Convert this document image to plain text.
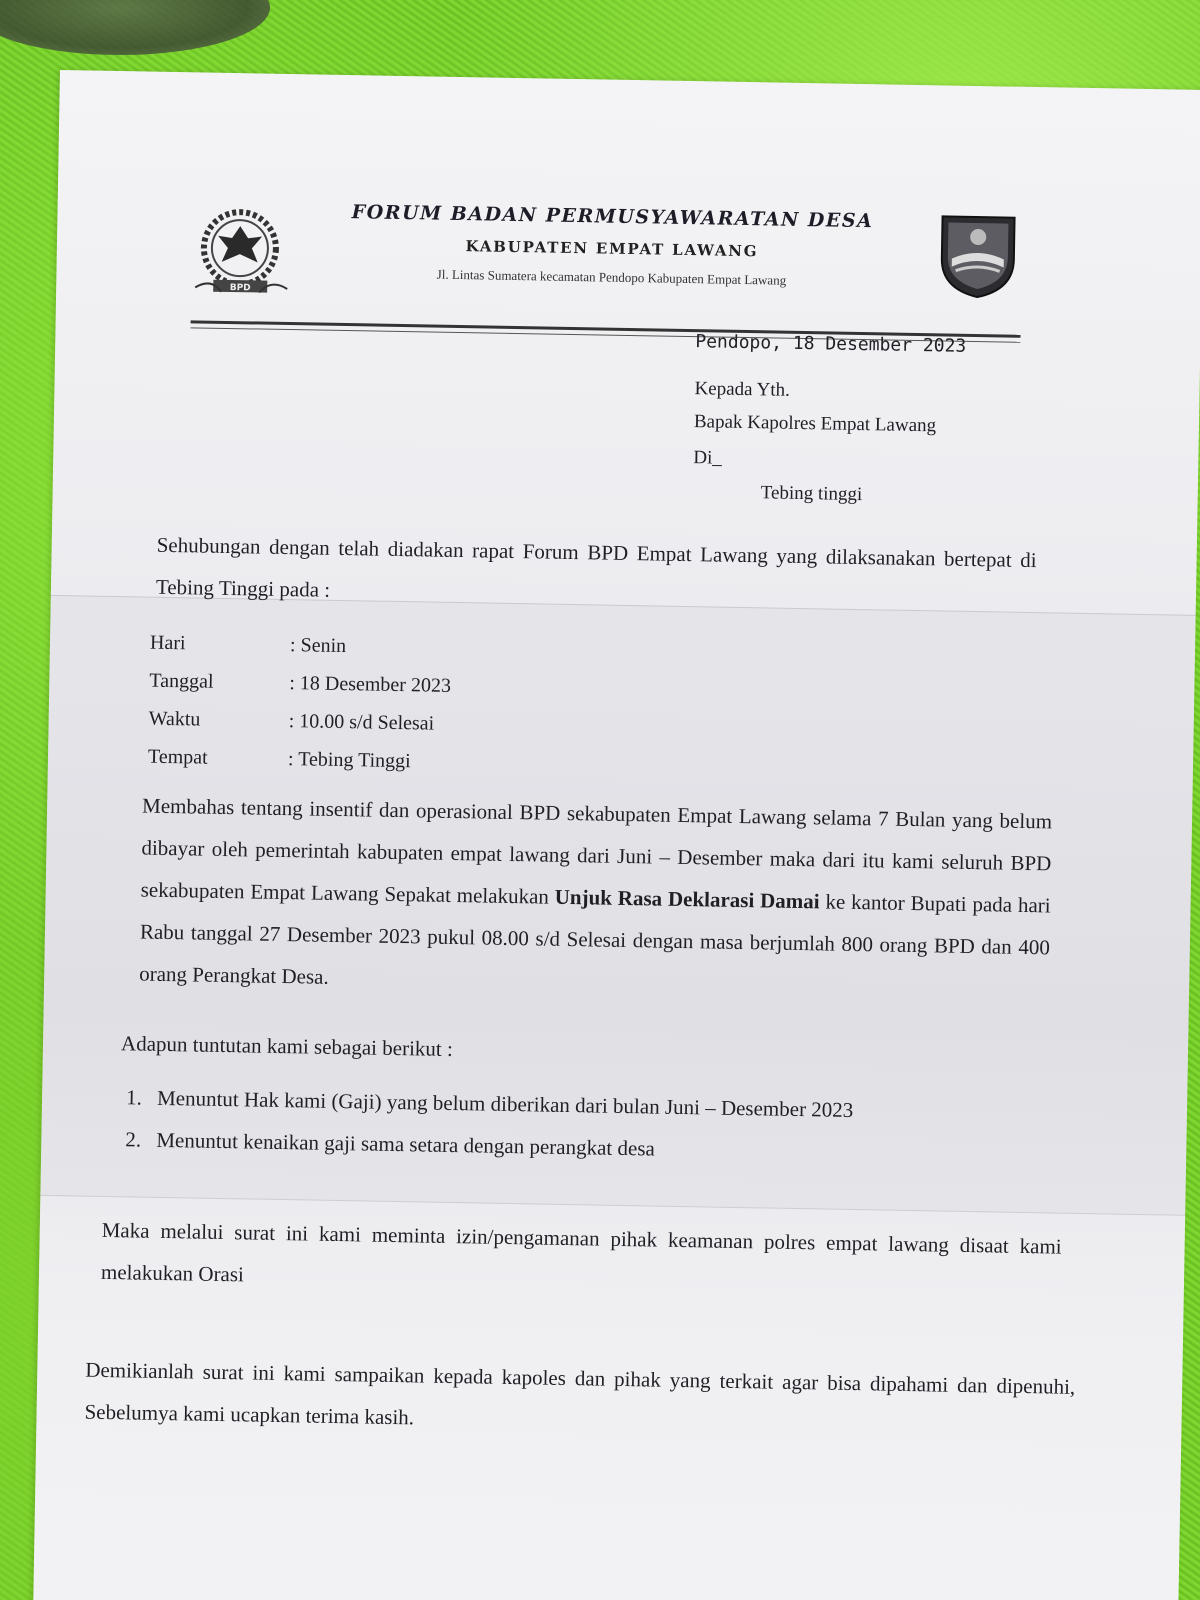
BPD
FORUM BADAN PERMUSYAWARATAN DESA
KABUPATEN EMPAT LAWANG
Jl. Lintas Sumatera kecamatan Pendopo Kabupaten Empat Lawang
Pendopo, 18 Desember 2023
Kepada Yth.
Bapak Kapolres Empat Lawang
Di_
Tebing tinggi
Sehubungan dengan telah diadakan rapat Forum BPD Empat Lawang yang dilaksanakan bertepat di Tebing Tinggi pada :
Hari	: Senin
Tanggal	: 18 Desember 2023
Waktu	: 10.00 s/d Selesai
Tempat	: Tebing Tinggi
Membahas tentang insentif dan operasional BPD sekabupaten Empat Lawang selama 7 Bulan yang belum dibayar oleh pemerintah kabupaten empat lawang dari Juni – Desember maka dari itu kami seluruh BPD sekabupaten Empat Lawang Sepakat melakukan Unjuk Rasa Deklarasi Damai ke kantor Bupati pada hari Rabu tanggal 27 Desember 2023 pukul 08.00 s/d Selesai dengan masa berjumlah 800 orang BPD dan 400 orang Perangkat Desa.
Adapun tuntutan kami sebagai berikut :
1. Menuntut Hak kami (Gaji) yang belum diberikan dari bulan Juni – Desember 2023
2. Menuntut kenaikan gaji sama setara dengan perangkat desa
Maka melalui surat ini kami meminta izin/pengamanan pihak keamanan polres empat lawang disaat kami melakukan Orasi
Demikianlah surat ini kami sampaikan kepada kapoles dan pihak yang terkait agar bisa dipahami dan dipenuhi, Sebelumya kami ucapkan terima kasih.
